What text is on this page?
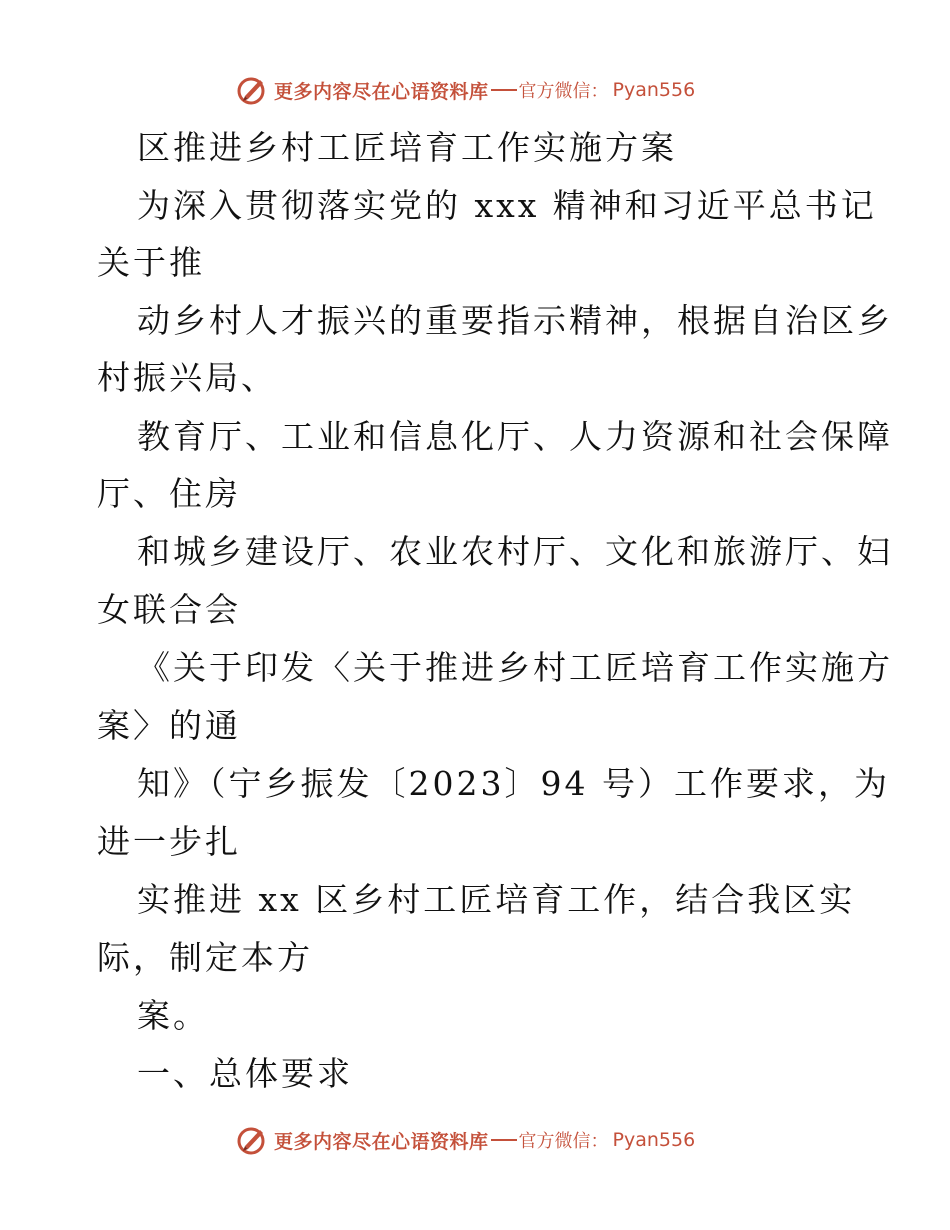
更多内容尽在心语资料库 官方微信： Pyan556
区推进乡村工匠培育工作实施方案
为深入贯彻落实党的 xxx 精神和习近平总书记
关于推
动乡村人才振兴的重要指示精神，根据自治区乡
村振兴局、
教育厅、工业和信息化厅、人力资源和社会保障
厅、住房
和城乡建设厅、农业农村厅、文化和旅游厅、妇
女联合会
《关于印发〈关于推进乡村工匠培育工作实施方
案〉的通
知》（宁乡振发〔2023〕94 号）工作要求，为
进一步扎
实推进 xx 区乡村工匠培育工作，结合我区实
际，制定本方
案。
一、总体要求
更多内容尽在心语资料库 官方微信： Pyan556
